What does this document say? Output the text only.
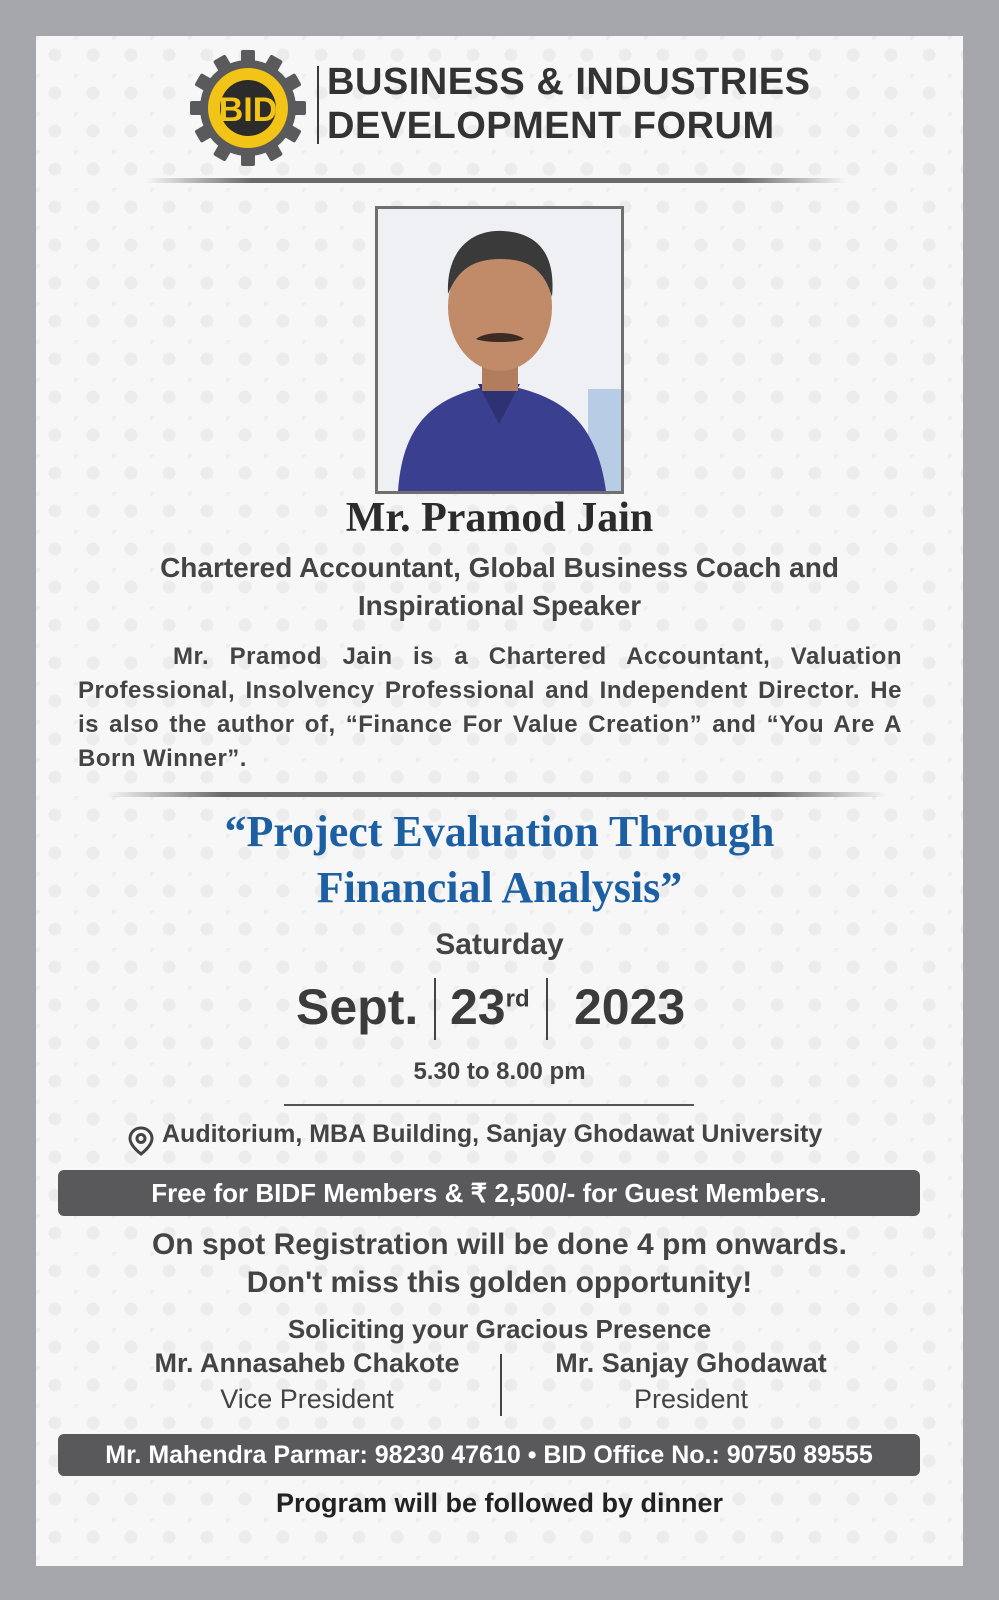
BID
BUSINESS & INDUSTRIES
DEVELOPMENT FORUM
Mr. Pramod Jain
Chartered Accountant, Global Business Coach and
Inspirational Speaker
Mr. Pramod Jain is a Chartered Accountant, Valuation Professional, Insolvency Professional and Independent Director. He is also the author of, “Finance For Value Creation” and “You Are A Born Winner”.
“Project Evaluation Through
Financial Analysis”
Saturday
Sept. 23rd 2023
5.30 to 8.00 pm
Auditorium, MBA Building, Sanjay Ghodawat University
Free for BIDF Members & ₹ 2,500/- for Guest Members.
On spot Registration will be done 4 pm onwards.
Don't miss this golden opportunity!
Soliciting your Gracious Presence
Mr. Annasaheb Chakote
Vice President
Mr. Sanjay Ghodawat
President
Mr. Mahendra Parmar: 98230 47610 • BID Office No.: 90750 89555
Program will be followed by dinner
